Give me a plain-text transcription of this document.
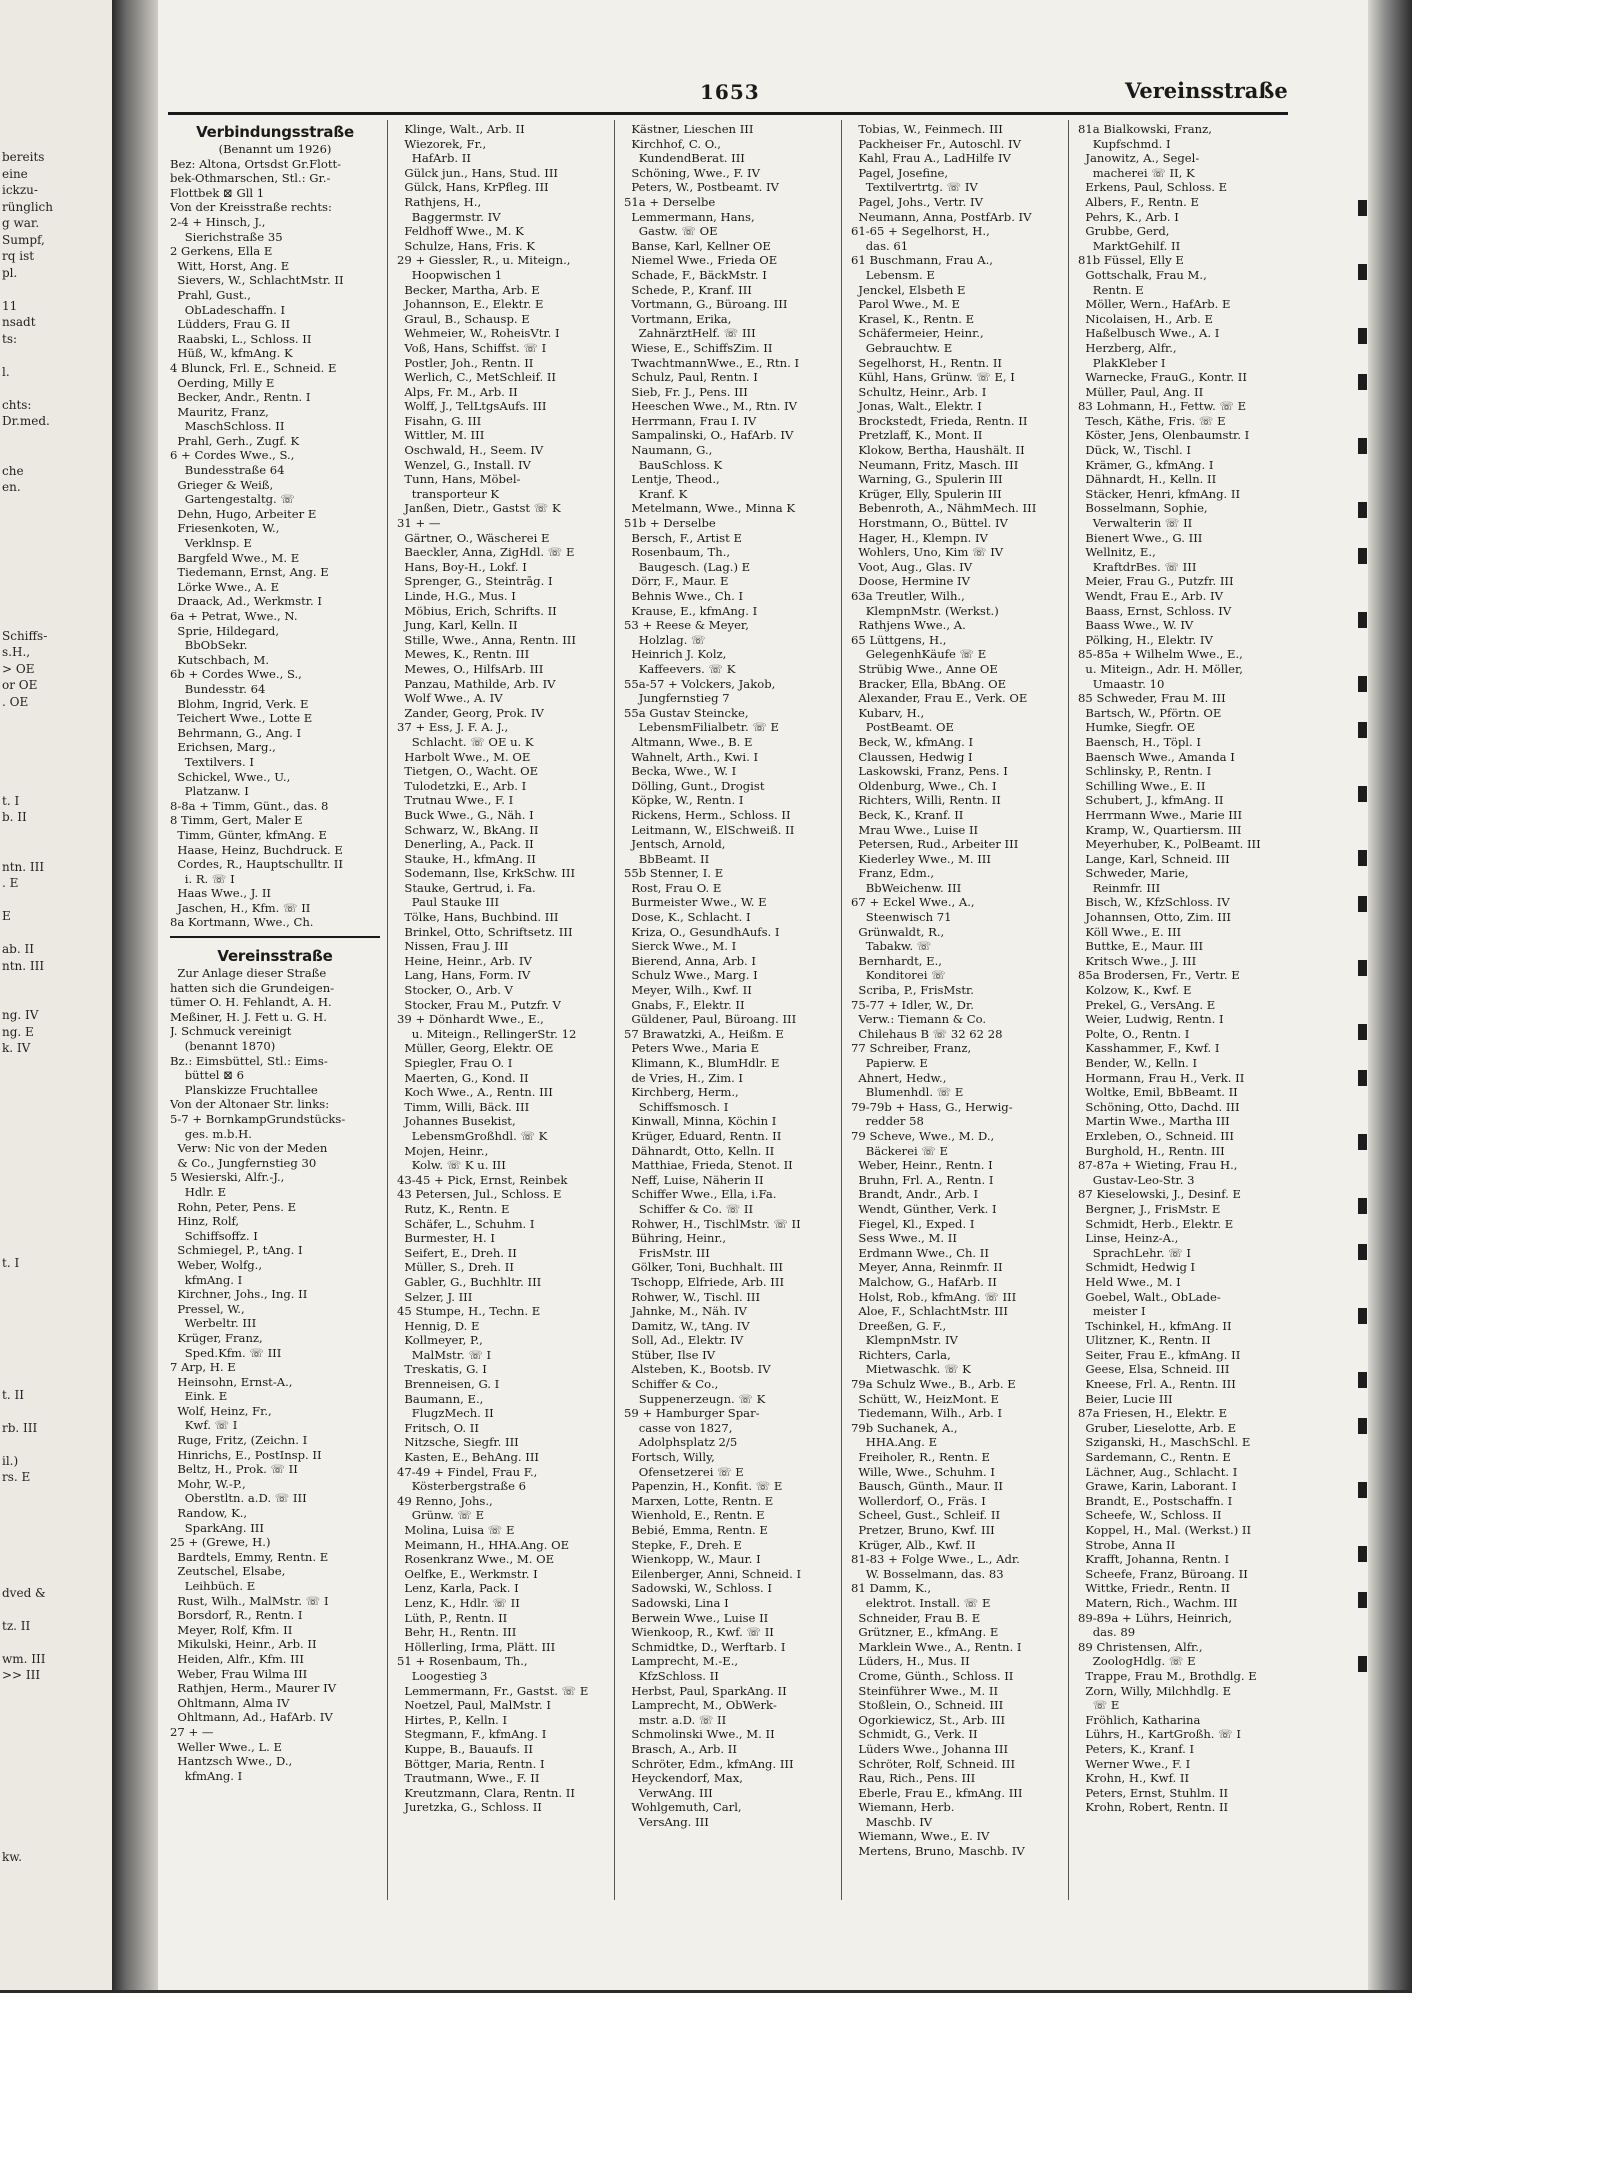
bereits
eine
ickzu-
rünglich
g war.
Sumpf,
rq ist
pl.
11
nsadt
ts:
l.
chts:
Dr.med.
che
en.
Schiffs-
s.H.,
> OE
or OE
. OE
t. I
b. II
ntn. III
. E
E
ab. II
ntn. III
ng. IV
ng. E
k. IV
t. I
t. II
rb. III
il.)
rs. E
dved &
tz. II
wm. III
>> III
kw.
1653	Vereinsstraße
Verbindungsstraße
(Benannt um 1926)
Bez: Altona, Ortsdst Gr.Flott-
bek-Othmarschen, Stl.: Gr.-
Flottbek ⊠ Gll 1
Von der Kreisstraße rechts:
2-4 + Hinsch, J.,
Sierichstraße 35
2 Gerkens, Ella E
Witt, Horst, Ang. E
Sievers, W., SchlachtMstr. II
Prahl, Gust.,
ObLadeschaffn. I
Lüdders, Frau G. II
Raabski, L., Schloss. II
Hüß, W., kfmAng. K
4 Blunck, Frl. E., Schneid. E
Oerding, Milly E
Becker, Andr., Rentn. I
Mauritz, Franz,
MaschSchloss. II
Prahl, Gerh., Zugf. K
6 + Cordes Wwe., S.,
Bundesstraße 64
Grieger & Weiß,
Gartengestaltg. ☏
Dehn, Hugo, Arbeiter E
Friesenkoten, W.,
Verklnsp. E
Bargfeld Wwe., M. E
Tiedemann, Ernst, Ang. E
Lörke Wwe., A. E
Draack, Ad., Werkmstr. I
6a + Petrat, Wwe., N.
Sprie, Hildegard,
BbObSekr.
Kutschbach, M.
6b + Cordes Wwe., S.,
Bundesstr. 64
Blohm, Ingrid, Verk. E
Teichert Wwe., Lotte E
Behrmann, G., Ang. I
Erichsen, Marg.,
Textilvers. I
Schickel, Wwe., U.,
Platzanw. I
8-8a + Timm, Günt., das. 8
8 Timm, Gert, Maler E
Timm, Günter, kfmAng. E
Haase, Heinz, Buchdruck. E
Cordes, R., Hauptschulltr. II
i. R. ☏ I
Haas Wwe., J. II
Jaschen, H., Kfm. ☏ II
8a Kortmann, Wwe., Ch.
Vereinsstraße
Zur Anlage dieser Straße
hatten sich die Grundeigen-
tümer O. H. Fehlandt, A. H.
Meßiner, H. J. Fett u. G. H.
J. Schmuck vereinigt
(benannt 1870)
Bz.: Eimsbüttel, Stl.: Eims-
büttel ⊠ 6
Planskizze Fruchtallee
Von der Altonaer Str. links:
5-7 + BornkampGrundstücks-
ges. m.b.H.
Verw: Nic von der Meden
& Co., Jungfernstieg 30
5 Wesierski, Alfr.-J.,
Hdlr. E
Rohn, Peter, Pens. E
Hinz, Rolf,
Schiffsoffz. I
Schmiegel, P., tAng. I
Weber, Wolfg.,
kfmAng. I
Kirchner, Johs., Ing. II
Pressel, W.,
Werbeltr. III
Krüger, Franz,
Sped.Kfm. ☏ III
7 Arp, H. E
Heinsohn, Ernst-A.,
Eink. E
Wolf, Heinz, Fr.,
Kwf. ☏ I
Ruge, Fritz, (Zeichn. I
Hinrichs, E., PostInsp. II
Beltz, H., Prok. ☏ II
Mohr, W.-P.,
Oberstltn. a.D. ☏ III
Randow, K.,
SparkAng. III
25 + (Grewe, H.)
Bardtels, Emmy, Rentn. E
Zeutschel, Elsabe,
Leihbüch. E
Rust, Wilh., MalMstr. ☏ I
Borsdorf, R., Rentn. I
Meyer, Rolf, Kfm. II
Mikulski, Heinr., Arb. II
Heiden, Alfr., Kfm. III
Weber, Frau Wilma III
Rathjen, Herm., Maurer IV
Ohltmann, Alma IV
Ohltmann, Ad., HafArb. IV
27 + —
Weller Wwe., L. E
Hantzsch Wwe., D.,
kfmAng. I
Klinge, Walt., Arb. II
Wiezorek, Fr.,
HafArb. II
Gülck jun., Hans, Stud. III
Gülck, Hans, KrPfleg. III
Rathjens, H.,
Baggermstr. IV
Feldhoff Wwe., M. K
Schulze, Hans, Fris. K
29 + Giessler, R., u. Miteign.,
Hoopwischen 1
Becker, Martha, Arb. E
Johannson, E., Elektr. E
Graul, B., Schausp. E
Wehmeier, W., RoheisVtr. I
Voß, Hans, Schiffst. ☏ I
Postler, Joh., Rentn. II
Werlich, C., MetSchleif. II
Alps, Fr. M., Arb. II
Wolff, J., TelLtgsAufs. III
Fisahn, G. III
Wittler, M. III
Oschwald, H., Seem. IV
Wenzel, G., Install. IV
Tunn, Hans, Möbel-
transporteur K
Janßen, Dietr., Gastst ☏ K
31 + —
Gärtner, O., Wäscherei E
Baeckler, Anna, ZigHdl. ☏ E
Hans, Boy-H., Lokf. I
Sprenger, G., Steintrāg. I
Linde, H.G., Mus. I
Möbius, Erich, Schrifts. II
Jung, Karl, Kelln. II
Stille, Wwe., Anna, Rentn. III
Mewes, K., Rentn. III
Mewes, O., HilfsArb. III
Panzau, Mathilde, Arb. IV
Wolf Wwe., A. IV
Zander, Georg, Prok. IV
37 + Ess, J. F. A. J.,
Schlacht. ☏ OE u. K
Harbolt Wwe., M. OE
Tietgen, O., Wacht. OE
Tulodetzki, E., Arb. I
Trutnau Wwe., F. I
Buck Wwe., G., Näh. I
Schwarz, W., BkAng. II
Denerling, A., Pack. II
Stauke, H., kfmAng. II
Sodemann, Ilse, KrkSchw. III
Stauke, Gertrud, i. Fa.
Paul Stauke III
Tölke, Hans, Buchbind. III
Brinkel, Otto, Schriftsetz. III
Nissen, Frau J. III
Heine, Heinr., Arb. IV
Lang, Hans, Form. IV
Stocker, O., Arb. V
Stocker, Frau M., Putzfr. V
39 + Dönhardt Wwe., E.,
u. Miteign., RellingerStr. 12
Müller, Georg, Elektr. OE
Spiegler, Frau O. I
Maerten, G., Kond. II
Koch Wwe., A., Rentn. III
Timm, Willi, Bäck. III
Johannes Busekist,
LebensmGroßhdl. ☏ K
Mojen, Heinr.,
Kolw. ☏ K u. III
43-45 + Pick, Ernst, Reinbek
43 Petersen, Jul., Schloss. E
Rutz, K., Rentn. E
Schäfer, L., Schuhm. I
Burmester, H. I
Seifert, E., Dreh. II
Müller, S., Dreh. II
Gabler, G., Buchhltr. III
Selzer, J. III
45 Stumpe, H., Techn. E
Hennig, D. E
Kollmeyer, P.,
MalMstr. ☏ I
Treskatis, G. I
Brenneisen, G. I
Baumann, E.,
FlugzMech. II
Fritsch, O. II
Nitzsche, Siegfr. III
Kasten, E., BehAng. III
47-49 + Findel, Frau F.,
Kösterbergstraße 6
49 Renno, Johs.,
Grünw. ☏ E
Molina, Luisa ☏ E
Meimann, H., HHA.Ang. OE
Rosenkranz Wwe., M. OE
Oelfke, E., Werkmstr. I
Lenz, Karla, Pack. I
Lenz, K., Hdlr. ☏ II
Lüth, P., Rentn. II
Behr, H., Rentn. III
Höllerling, Irma, Plätt. III
51 + Rosenbaum, Th.,
Loogestieg 3
Lemmermann, Fr., Gastst. ☏ E
Noetzel, Paul, MalMstr. I
Hirtes, P., Kelln. I
Stegmann, F., kfmAng. I
Kuppe, B., Bauaufs. II
Böttger, Maria, Rentn. I
Trautmann, Wwe., F. II
Kreutzmann, Clara, Rentn. II
Juretzka, G., Schloss. II
Kästner, Lieschen III
Kirchhof, C. O.,
KundendBerat. III
Schöning, Wwe., F. IV
Peters, W., Postbeamt. IV
51a + Derselbe
Lemmermann, Hans,
Gastw. ☏ OE
Banse, Karl, Kellner OE
Niemel Wwe., Frieda OE
Schade, F., BäckMstr. I
Schede, P., Kranf. III
Vortmann, G., Büroang. III
Vortmann, Erika,
ZahnärztHelf. ☏ III
Wiese, E., SchiffsZim. II
TwachtmannWwe., E., Rtn. I
Schulz, Paul, Rentn. I
Sieb, Fr. J., Pens. III
Heeschen Wwe., M., Rtn. IV
Herrmann, Frau I. IV
Sampalinski, O., HafArb. IV
Naumann, G.,
BauSchloss. K
Lentje, Theod.,
Kranf. K
Metelmann, Wwe., Minna K
51b + Derselbe
Bersch, F., Artist E
Rosenbaum, Th.,
Baugesch. (Lag.) E
Dörr, F., Maur. E
Behnis Wwe., Ch. I
Krause, E., kfmAng. I
53 + Reese & Meyer,
Holzlag. ☏
Heinrich J. Kolz,
Kaffeevers. ☏ K
55a-57 + Volckers, Jakob,
Jungfernstieg 7
55a Gustav Steincke,
LebensmFilialbetr. ☏ E
Altmann, Wwe., B. E
Wahnelt, Arth., Kwi. I
Becka, Wwe., W. I
Dölling, Gunt., Drogist
Köpke, W., Rentn. I
Rickens, Herm., Schloss. II
Leitmann, W., ElSchweiß. II
Jentsch, Arnold,
BbBeamt. II
55b Stenner, I. E
Rost, Frau O. E
Burmeister Wwe., W. E
Dose, K., Schlacht. I
Kriza, O., GesundhAufs. I
Sierck Wwe., M. I
Bierend, Anna, Arb. I
Schulz Wwe., Marg. I
Meyer, Wilh., Kwf. II
Gnabs, F., Elektr. II
Güldener, Paul, Büroang. III
57 Brawatzki, A., Heißm. E
Peters Wwe., Maria E
Klimann, K., BlumHdlr. E
de Vries, H., Zim. I
Kirchberg, Herm.,
Schiffsmosch. I
Kinwall, Minna, Köchin I
Krüger, Eduard, Rentn. II
Dähnardt, Otto, Kelln. II
Matthiae, Frieda, Stenot. II
Neff, Luise, Näherin II
Schiffer Wwe., Ella, i.Fa.
Schiffer & Co. ☏ II
Rohwer, H., TischlMstr. ☏ II
Bühring, Heinr.,
FrisMstr. III
Gölker, Toni, Buchhalt. III
Tschopp, Elfriede, Arb. III
Rohwer, W., Tischl. III
Jahnke, M., Näh. IV
Damitz, W., tAng. IV
Soll, Ad., Elektr. IV
Stüber, Ilse IV
Alsteben, K., Bootsb. IV
Schiffer & Co.,
Suppenerzeugn. ☏ K
59 + Hamburger Spar-
casse von 1827,
Adolphsplatz 2/5
Fortsch, Willy,
Ofensetzerei ☏ E
Papenzin, H., Konfit. ☏ E
Marxen, Lotte, Rentn. E
Wienhold, E., Rentn. E
Bebié, Emma, Rentn. E
Stepke, F., Dreh. E
Wienkopp, W., Maur. I
Eilenberger, Anni, Schneid. I
Sadowski, W., Schloss. I
Sadowski, Lina I
Berwein Wwe., Luise II
Wienkoop, R., Kwf. ☏ II
Schmidtke, D., Werftarb. I
Lamprecht, M.-E.,
KfzSchloss. II
Herbst, Paul, SparkAng. II
Lamprecht, M., ObWerk-
mstr. a.D. ☏ II
Schmolinski Wwe., M. II
Brasch, A., Arb. II
Schröter, Edm., kfmAng. III
Heyckendorf, Max,
VerwAng. III
Wohlgemuth, Carl,
VersAng. III
Tobias, W., Feinmech. III
Packheiser Fr., Autoschl. IV
Kahl, Frau A., LadHilfe IV
Pagel, Josefine,
Textilvertrtg. ☏ IV
Pagel, Johs., Vertr. IV
Neumann, Anna, PostfArb. IV
61-65 + Segelhorst, H.,
das. 61
61 Buschmann, Frau A.,
Lebensm. E
Jenckel, Elsbeth E
Parol Wwe., M. E
Krasel, K., Rentn. E
Schäfermeier, Heinr.,
Gebrauchtw. E
Segelhorst, H., Rentn. II
Kühl, Hans, Grünw. ☏ E, I
Schultz, Heinr., Arb. I
Jonas, Walt., Elektr. I
Brockstedt, Frieda, Rentn. II
Pretzlaff, K., Mont. II
Klokow, Bertha, Haushält. II
Neumann, Fritz, Masch. III
Warning, G., Spulerin III
Krüger, Elly, Spulerin III
Bebenroth, A., NähmMech. III
Horstmann, O., Büttel. IV
Hager, H., Klempn. IV
Wohlers, Uno, Kim ☏ IV
Voot, Aug., Glas. IV
Doose, Hermine IV
63a Treutler, Wilh.,
KlempnMstr. (Werkst.)
Rathjens Wwe., A.
65 Lüttgens, H.,
GelegenhKäufe ☏ E
Strübig Wwe., Anne OE
Bracker, Ella, BbAng. OE
Alexander, Frau E., Verk. OE
Kubarv, H.,
PostBeamt. OE
Beck, W., kfmAng. I
Claussen, Hedwig I
Laskowski, Franz, Pens. I
Oldenburg, Wwe., Ch. I
Richters, Willi, Rentn. II
Beck, K., Kranf. II
Mrau Wwe., Luise II
Petersen, Rud., Arbeiter III
Kiederley Wwe., M. III
Franz, Edm.,
BbWeichenw. III
67 + Eckel Wwe., A.,
Steenwisch 71
Grünwaldt, R.,
Tabakw. ☏
Bernhardt, E.,
Konditorei ☏
Scriba, P., FrisMstr.
75-77 + Idler, W., Dr.
Verw.: Tiemann & Co.
Chilehaus B ☏ 32 62 28
77 Schreiber, Franz,
Papierw. E
Ahnert, Hedw.,
Blumenhdl. ☏ E
79-79b + Hass, G., Herwig-
redder 58
79 Scheve, Wwe., M. D.,
Bäckerei ☏ E
Weber, Heinr., Rentn. I
Bruhn, Frl. A., Rentn. I
Brandt, Andr., Arb. I
Wendt, Günther, Verk. I
Fiegel, Kl., Exped. I
Sess Wwe., M. II
Erdmann Wwe., Ch. II
Meyer, Anna, Reinmfr. II
Malchow, G., HafArb. II
Holst, Rob., kfmAng. ☏ III
Aloe, F., SchlachtMstr. III
Dreeßen, G. F.,
KlempnMstr. IV
Richters, Carla,
Mietwaschk. ☏ K
79a Schulz Wwe., B., Arb. E
Schütt, W., HeizMont. E
Tiedemann, Wilh., Arb. I
79b Suchanek, A.,
HHA.Ang. E
Freiholer, R., Rentn. E
Wille, Wwe., Schuhm. I
Bausch, Günth., Maur. II
Wollerdorf, O., Fräs. I
Scheel, Gust., Schleif. II
Pretzer, Bruno, Kwf. III
Krüger, Alb., Kwf. II
81-83 + Folge Wwe., L., Adr.
W. Bosselmann, das. 83
81 Damm, K.,
elektrot. Install. ☏ E
Schneider, Frau B. E
Grützner, E., kfmAng. E
Marklein Wwe., A., Rentn. I
Lüders, H., Mus. II
Crome, Günth., Schloss. II
Steinführer Wwe., M. II
Stoßlein, O., Schneid. III
Ogorkiewicz, St., Arb. III
Schmidt, G., Verk. II
Lüders Wwe., Johanna III
Schröter, Rolf, Schneid. III
Rau, Rich., Pens. III
Eberle, Frau E., kfmAng. III
Wiemann, Herb.
Maschb. IV
Wiemann, Wwe., E. IV
Mertens, Bruno, Maschb. IV
81a Bialkowski, Franz,
Kupfschmd. I
Janowitz, A., Segel-
macherei ☏ II, K
Erkens, Paul, Schloss. E
Albers, F., Rentn. E
Pehrs, K., Arb. I
Grubbe, Gerd,
MarktGehilf. II
81b Füssel, Elly E
Gottschalk, Frau M.,
Rentn. E
Möller, Wern., HafArb. E
Nicolaisen, H., Arb. E
Haßelbusch Wwe., A. I
Herzberg, Alfr.,
PlakKleber I
Warnecke, FrauG., Kontr. II
Müller, Paul, Ang. II
83 Lohmann, H., Fettw. ☏ E
Tesch, Käthe, Fris. ☏ E
Köster, Jens, Olenbaumstr. I
Dück, W., Tischl. I
Krämer, G., kfmAng. I
Dähnardt, H., Kelln. II
Stäcker, Henri, kfmAng. II
Bosselmann, Sophie,
Verwalterin ☏ II
Bienert Wwe., G. III
Wellnitz, E.,
KraftdrBes. ☏ III
Meier, Frau G., Putzfr. III
Wendt, Frau E., Arb. IV
Baass, Ernst, Schloss. IV
Baass Wwe., W. IV
Pölking, H., Elektr. IV
85-85a + Wilhelm Wwe., E.,
u. Miteign., Adr. H. Möller,
Umaastr. 10
85 Schweder, Frau M. III
Bartsch, W., Pförtn. OE
Humke, Siegfr. OE
Baensch, H., Töpl. I
Baensch Wwe., Amanda I
Schlinsky, P., Rentn. I
Schilling Wwe., E. II
Schubert, J., kfmAng. II
Herrmann Wwe., Marie III
Kramp, W., Quartiersm. III
Meyerhuber, K., PolBeamt. III
Lange, Karl, Schneid. III
Schweder, Marie,
Reinmfr. III
Bisch, W., KfzSchloss. IV
Johannsen, Otto, Zim. III
Köll Wwe., E. III
Buttke, E., Maur. III
Kritsch Wwe., J. III
85a Brodersen, Fr., Vertr. E
Kolzow, K., Kwf. E
Prekel, G., VersAng. E
Weier, Ludwig, Rentn. I
Polte, O., Rentn. I
Kasshammer, F., Kwf. I
Bender, W., Kelln. I
Hormann, Frau H., Verk. II
Woltke, Emil, BbBeamt. II
Schöning, Otto, Dachd. III
Martin Wwe., Martha III
Erxleben, O., Schneid. III
Burghold, H., Rentn. III
87-87a + Wieting, Frau H.,
Gustav-Leo-Str. 3
87 Kieselowski, J., Desinf. E
Bergner, J., FrisMstr. E
Schmidt, Herb., Elektr. E
Linse, Heinz-A.,
SprachLehr. ☏ I
Schmidt, Hedwig I
Held Wwe., M. I
Goebel, Walt., ObLade-
meister I
Tschinkel, H., kfmAng. II
Ulitzner, K., Rentn. II
Seiter, Frau E., kfmAng. II
Geese, Elsa, Schneid. III
Kneese, Frl. A., Rentn. III
Beier, Lucie III
87a Friesen, H., Elektr. E
Gruber, Lieselotte, Arb. E
Sziganski, H., MaschSchl. E
Sardemann, C., Rentn. E
Lächner, Aug., Schlacht. I
Grawe, Karin, Laborant. I
Brandt, E., Postschaffn. I
Scheefe, W., Schloss. II
Koppel, H., Mal. (Werkst.) II
Strobe, Anna II
Krafft, Johanna, Rentn. I
Scheefe, Franz, Büroang. II
Wittke, Friedr., Rentn. II
Matern, Rich., Wachm. III
89-89a + Lührs, Heinrich,
das. 89
89 Christensen, Alfr.,
ZoologHdlg. ☏ E
Trappe, Frau M., Brothdlg. E
Zorn, Willy, Milchhdlg. E
☏ E
Fröhlich, Katharina
Lührs, H., KartGroßh. ☏ I
Peters, K., Kranf. I
Werner Wwe., F. I
Krohn, H., Kwf. II
Peters, Ernst, Stuhlm. II
Krohn, Robert, Rentn. II
